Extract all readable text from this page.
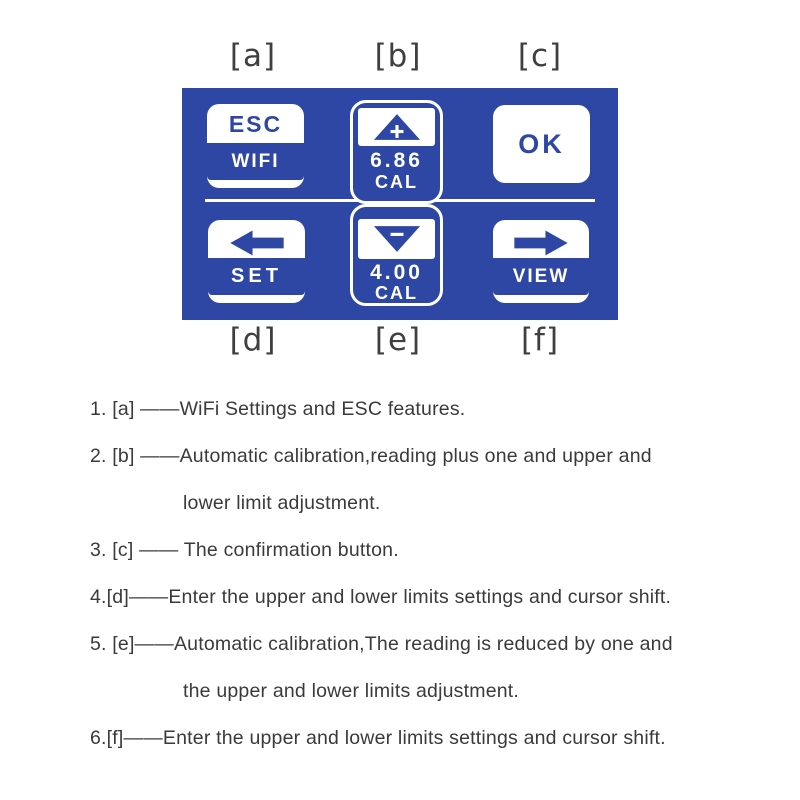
[a]	[b]	[c]
ESC
WIFI	6.86
CAL
OK
SET	4.00
CAL
VIEW
[d]	[e]	[f]
1. [a] ——WiFi Settings and ESC features.
2. [b] ——Automatic calibration,reading plus one and upper and
lower limit adjustment.
3. [c] —— The confirmation button.
4.[d]——Enter the upper and lower limits settings and cursor shift.
5. [e]——Automatic calibration,The reading is reduced by one and
the upper and lower limits adjustment.
6.[f]——Enter the upper and lower limits settings and cursor shift.
